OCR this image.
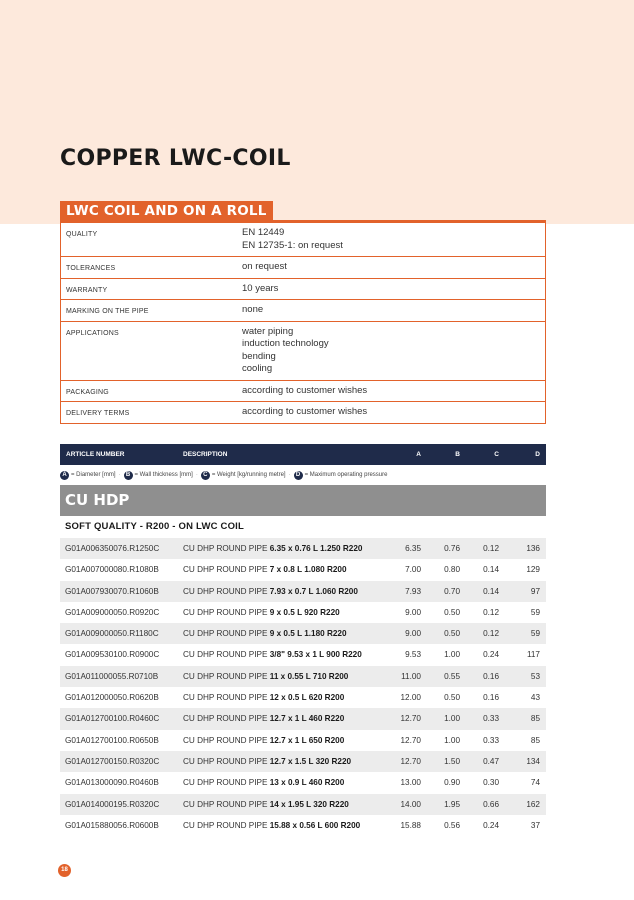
COPPER LWC-COIL
LWC COIL AND ON A ROLL
QUALITY	EN 12449
EN 12735-1: on request
TOLERANCES	on request
WARRANTY	10 years
MARKING ON THE PIPE	none
APPLICATIONS	water piping
induction technology
bending
cooling
PACKAGING	according to customer wishes
DELIVERY TERMS	according to customer wishes
ARTICLE NUMBER	DESCRIPTION	A	B	C	D
A = Diameter [mm] · B = Wall thickness [mm] · C = Weight [kg/running metre] · D = Maximum operating pressure
CU HDP
SOFT QUALITY - R200 - ON LWC COIL
G01A006350076.R1250C	CU DHP ROUND PIPE 6.35 x 0.76 L 1.250 R220	6.35	0.76	0.12	136
G01A007000080.R1080B	CU DHP ROUND PIPE 7 x 0.8 L 1.080 R200	7.00	0.80	0.14	129
G01A007930070.R1060B	CU DHP ROUND PIPE 7.93 x 0.7 L 1.060 R200	7.93	0.70	0.14	97
G01A009000050.R0920C	CU DHP ROUND PIPE 9 x 0.5 L 920 R220	9.00	0.50	0.12	59
G01A009000050.R1180C	CU DHP ROUND PIPE 9 x 0.5 L 1.180 R220	9.00	0.50	0.12	59
G01A009530100.R0900C	CU DHP ROUND PIPE 3/8" 9.53 x 1 L 900 R220	9.53	1.00	0.24	117
G01A011000055.R0710B	CU DHP ROUND PIPE 11 x 0.55 L 710 R200	11.00	0.55	0.16	53
G01A012000050.R0620B	CU DHP ROUND PIPE 12 x 0.5 L 620 R200	12.00	0.50	0.16	43
G01A012700100.R0460C	CU DHP ROUND PIPE 12.7 x 1 L 460 R220	12.70	1.00	0.33	85
G01A012700100.R0650B	CU DHP ROUND PIPE 12.7 x 1 L 650 R200	12.70	1.00	0.33	85
G01A012700150.R0320C	CU DHP ROUND PIPE 12.7 x 1.5 L 320 R220	12.70	1.50	0.47	134
G01A013000090.R0460B	CU DHP ROUND PIPE 13 x 0.9 L 460 R200	13.00	0.90	0.30	74
G01A014000195.R0320C	CU DHP ROUND PIPE 14 x 1.95 L 320 R220	14.00	1.95	0.66	162
G01A015880056.R0600B	CU DHP ROUND PIPE 15.88 x 0.56 L 600 R200	15.88	0.56	0.24	37
18
